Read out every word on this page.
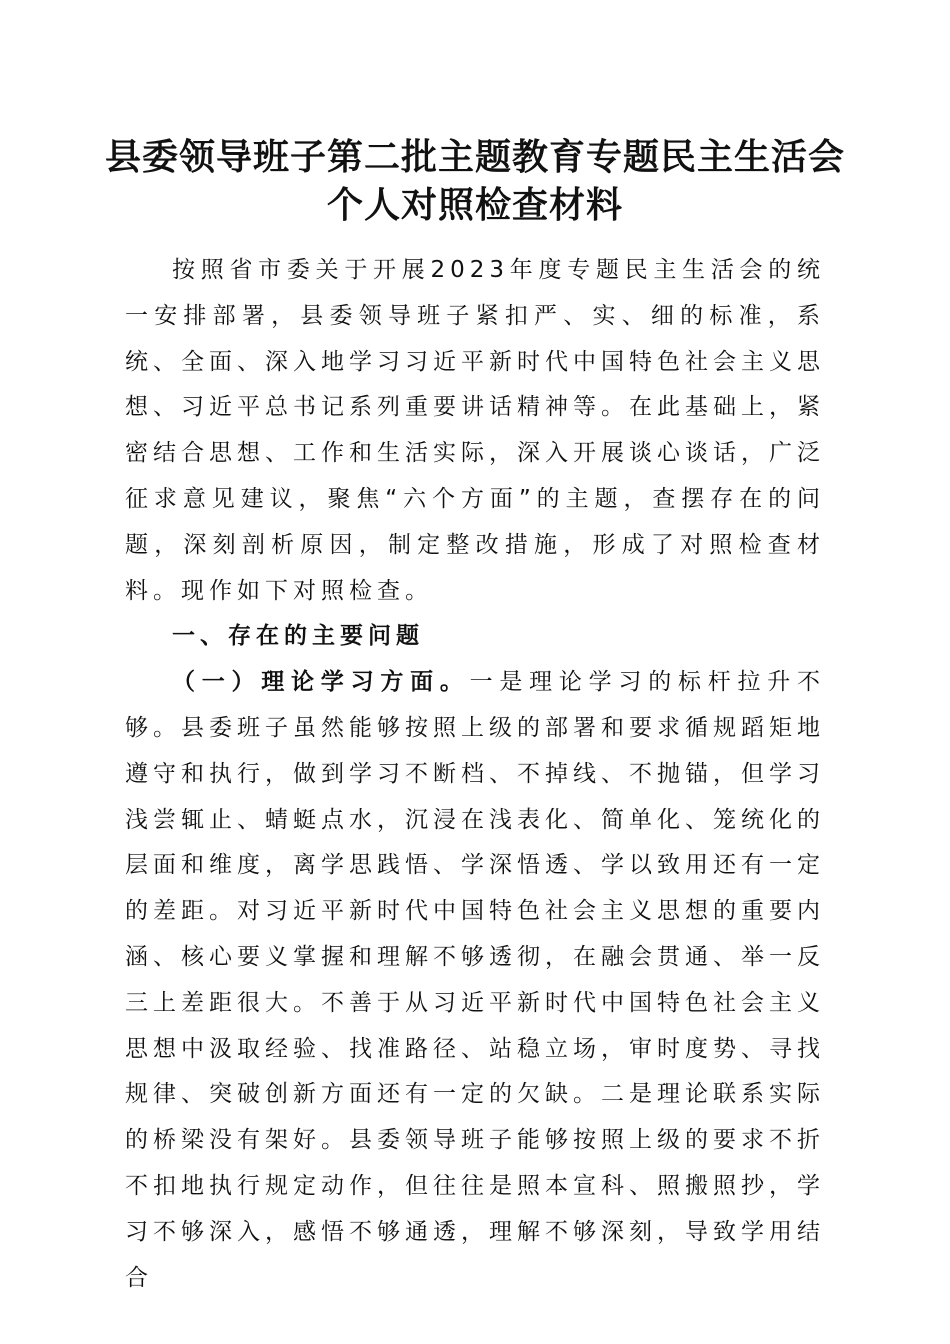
县委领导班子第二批主题教育专题民主生活会
个人对照检查材料

按照省市委关于开展2023年度专题民主生活会的统一安排部署，县委领导班子紧扣严、实、细的标准，系统、全面、深入地学习习近平新时代中国特色社会主义思想、习近平总书记系列重要讲话精神等。在此基础上，紧密结合思想、工作和生活实际，深入开展谈心谈话，广泛征求意见建议，聚焦“六个方面”的主题，查摆存在的问题，深刻剖析原因，制定整改措施，形成了对照检查材料。现作如下对照检查。

一、存在的主要问题

（一）理论学习方面。一是理论学习的标杆拉升不够。县委班子虽然能够按照上级的部署和要求循规蹈矩地遵守和执行，做到学习不断档、不掉线、不抛锚，但学习浅尝辄止、蜻蜓点水，沉浸在浅表化、简单化、笼统化的层面和维度，离学思践悟、学深悟透、学以致用还有一定的差距。对习近平新时代中国特色社会主义思想的重要内涵、核心要义掌握和理解不够透彻，在融会贯通、举一反三上差距很大。不善于从习近平新时代中国特色社会主义思想中汲取经验、找准路径、站稳立场，审时度势、寻找规律、突破创新方面还有一定的欠缺。二是理论联系实际的桥梁没有架好。县委领导班子能够按照上级的要求不折不扣地执行规定动作，但往往是照本宣科、照搬照抄，学习不够深入，感悟不够通透，理解不够深刻，导致学用结合
